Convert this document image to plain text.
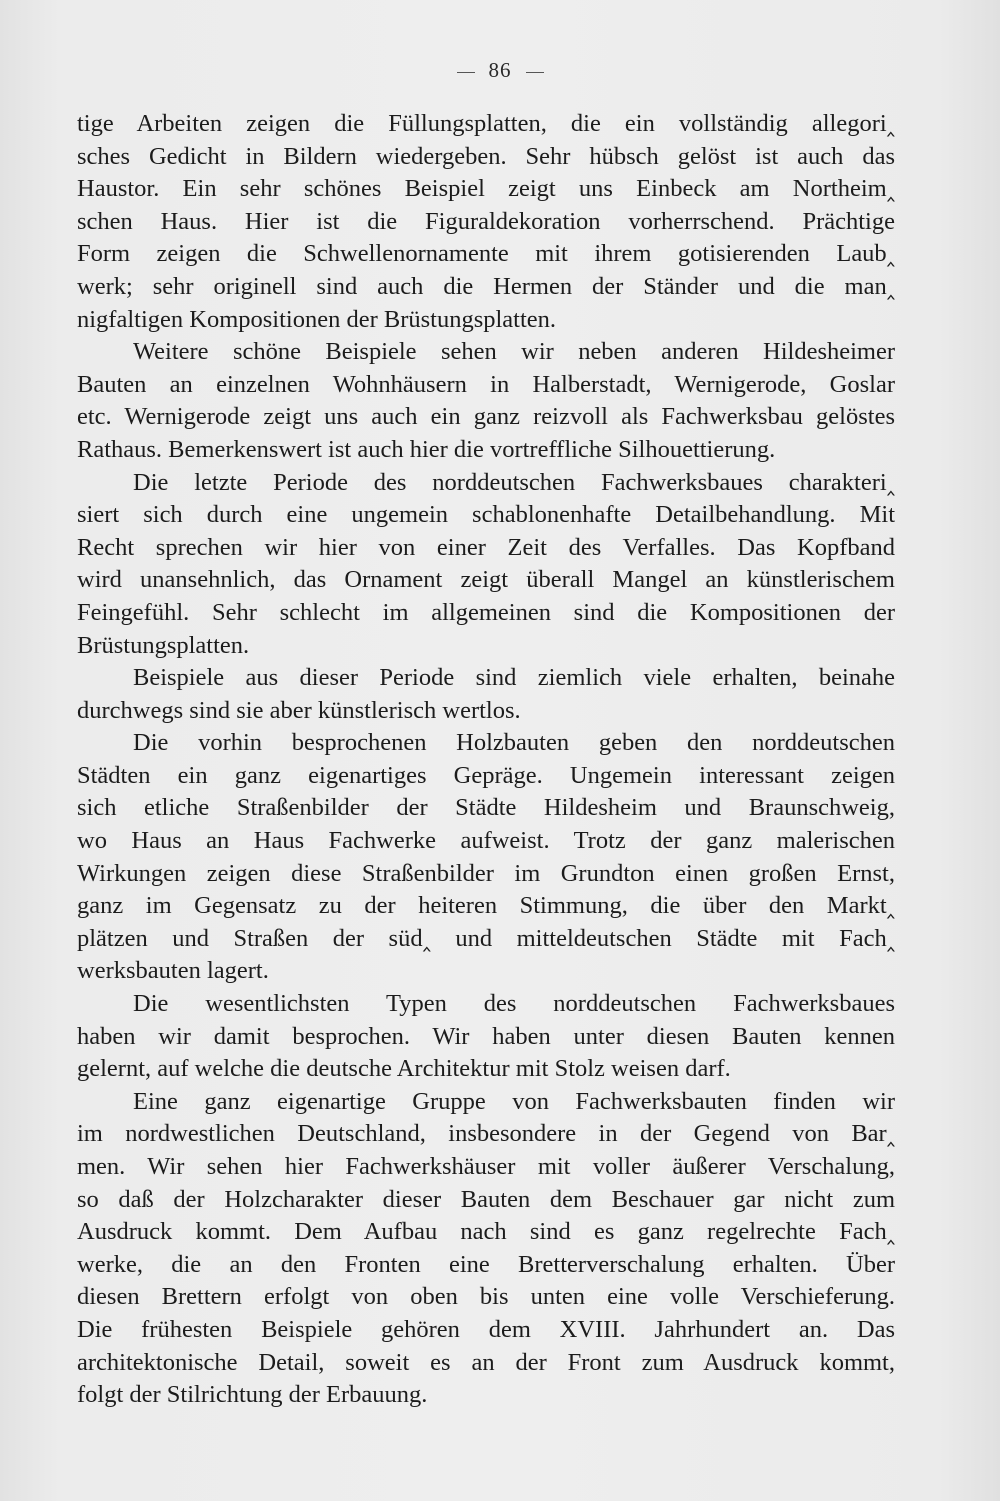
86
tige Arbeiten zeigen die Füllungsplatten, die ein vollständig allegori‸
sches Gedicht in Bildern wiedergeben. Sehr hübsch gelöst ist auch das
Haustor. Ein sehr schönes Beispiel zeigt uns Einbeck am Northeim‸
schen Haus. Hier ist die Figuraldekoration vorherrschend. Prächtige
Form zeigen die Schwellenornamente mit ihrem gotisierenden Laub‸
werk; sehr originell sind auch die Hermen der Ständer und die man‸
nigfaltigen Kompositionen der Brüstungsplatten.
Weitere schöne Beispiele sehen wir neben anderen Hildesheimer
Bauten an einzelnen Wohnhäusern in Halberstadt, Wernigerode, Goslar
etc. Wernigerode zeigt uns auch ein ganz reizvoll als Fachwerksbau gelöstes
Rathaus. Bemerkenswert ist auch hier die vortreffliche Silhouettierung.
Die letzte Periode des norddeutschen Fachwerksbaues charakteri‸
siert sich durch eine ungemein schablonenhafte Detailbehandlung. Mit
Recht sprechen wir hier von einer Zeit des Verfalles. Das Kopfband
wird unansehnlich, das Ornament zeigt überall Mangel an künstlerischem
Feingefühl. Sehr schlecht im allgemeinen sind die Kompositionen der
Brüstungsplatten.
Beispiele aus dieser Periode sind ziemlich viele erhalten, beinahe
durchwegs sind sie aber künstlerisch wertlos.
Die vorhin besprochenen Holzbauten geben den norddeutschen
Städten ein ganz eigenartiges Gepräge. Ungemein interessant zeigen
sich etliche Straßenbilder der Städte Hildesheim und Braunschweig,
wo Haus an Haus Fachwerke aufweist. Trotz der ganz malerischen
Wirkungen zeigen diese Straßenbilder im Grundton einen großen Ernst,
ganz im Gegensatz zu der heiteren Stimmung, die über den Markt‸
plätzen und Straßen der süd‸ und mitteldeutschen Städte mit Fach‸
werksbauten lagert.
Die wesentlichsten Typen des norddeutschen Fachwerksbaues
haben wir damit besprochen. Wir haben unter diesen Bauten kennen
gelernt, auf welche die deutsche Architektur mit Stolz weisen darf.
Eine ganz eigenartige Gruppe von Fachwerksbauten finden wir
im nordwestlichen Deutschland, insbesondere in der Gegend von Bar‸
men. Wir sehen hier Fachwerkshäuser mit voller äußerer Verschalung,
so daß der Holzcharakter dieser Bauten dem Beschauer gar nicht zum
Ausdruck kommt. Dem Aufbau nach sind es ganz regelrechte Fach‸
werke, die an den Fronten eine Bretterverschalung erhalten. Über
diesen Brettern erfolgt von oben bis unten eine volle Verschieferung.
Die frühesten Beispiele gehören dem XVIII. Jahrhundert an. Das
architektonische Detail, soweit es an der Front zum Ausdruck kommt,
folgt der Stilrichtung der Erbauung.
